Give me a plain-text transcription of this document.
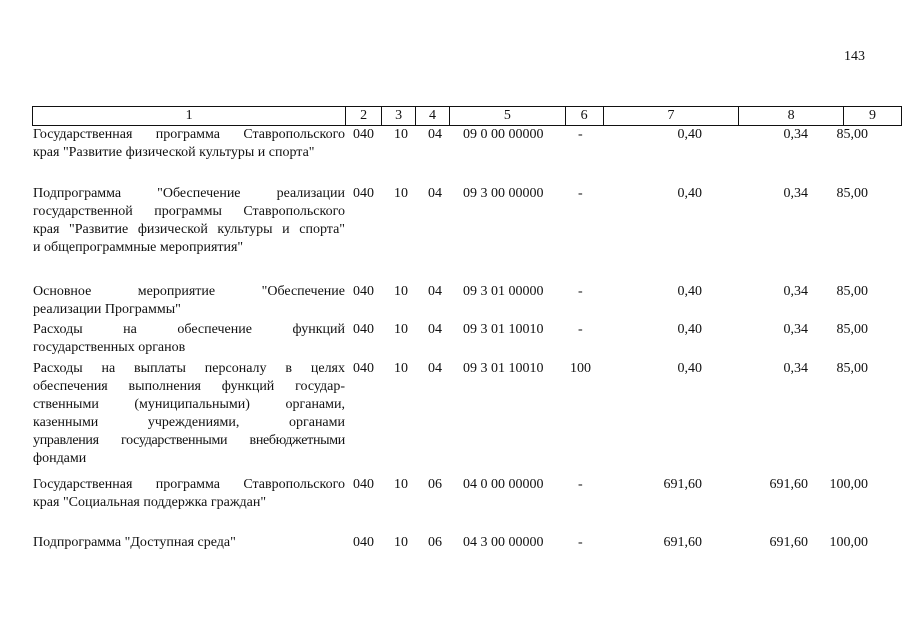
143
1	2	3	4	5	6	7	8	9
Государственная программа Ставропольского
края "Развитие физической культуры и спорта"
040	10	04	09 0 00 00000	-	0,40	0,34	85,00
Подпрограмма "Обеспечение реализации
государственной программы Ставропольского
края "Развитие физической культуры и спорта"
и общепрограммные мероприятия"
040	10	04	09 3 00 00000	-	0,40	0,34	85,00
Основное мероприятие "Обеспечение
реализации Программы"
040	10	04	09 3 01 00000	-	0,40	0,34	85,00
Расходы на обеспечение функций
государственных органов
040	10	04	09 3 01 10010	-	0,40	0,34	85,00
Расходы на выплаты персоналу в целях
обеспечения выполнения функций государ-
ственными (муниципальными) органами,
казенными учреждениями, органами
управления государственными внебюджетными
фондами
040	10	04	09 3 01 10010	100	0,40	0,34	85,00
Государственная программа Ставропольского
края "Социальная поддержка граждан"
040	10	06	04 0 00 00000	-	691,60	691,60	100,00
Подпрограмма "Доступная среда"	040	10	06	04 3 00 00000	-	691,60	691,60	100,00
